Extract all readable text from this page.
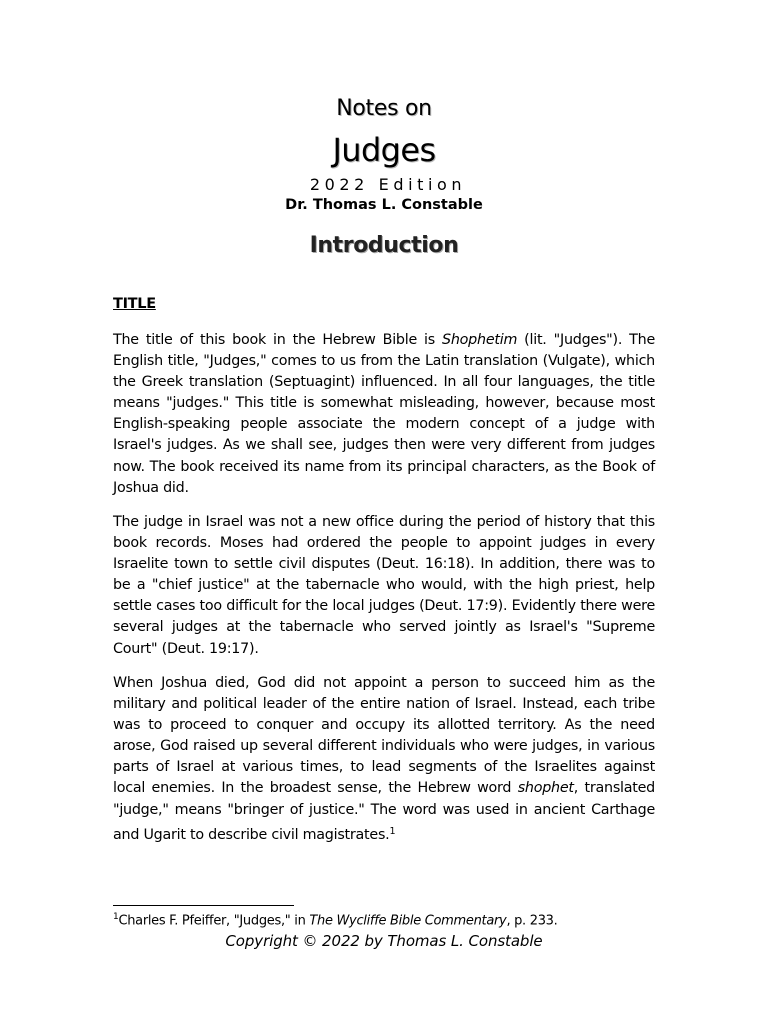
Notes on
Judges
2022 Edition
Dr. Thomas L. Constable
Introduction
TITLE

The title of this book in the Hebrew Bible is Shophetim (lit. "Judges"). The English title, "Judges," comes to us from the Latin translation (Vulgate), which the Greek translation (Septuagint) influenced. In all four languages, the title means "judges." This title is somewhat misleading, however, because most English-speaking people associate the modern concept of a judge with Israel's judges. As we shall see, judges then were very different from judges now. The book received its name from its principal characters, as the Book of Joshua did.

The judge in Israel was not a new office during the period of history that this book records. Moses had ordered the people to appoint judges in every Israelite town to settle civil disputes (Deut. 16:18). In addition, there was to be a "chief justice" at the tabernacle who would, with the high priest, help settle cases too difficult for the local judges (Deut. 17:9). Evidently there were several judges at the tabernacle who served jointly as Israel's "Supreme Court" (Deut. 19:17).

When Joshua died, God did not appoint a person to succeed him as the military and political leader of the entire nation of Israel. Instead, each tribe was to proceed to conquer and occupy its allotted territory. As the need arose, God raised up several different individuals who were judges, in various parts of Israel at various times, to lead segments of the Israelites against local enemies. In the broadest sense, the Hebrew word shophet, translated "judge," means "bringer of justice." The word was used in ancient Carthage and Ugarit to describe civil magistrates.$^1$

$^1$Charles F. Pfeiffer, "Judges," in The Wycliffe Bible Commentary, p. 233.
Copyright © 2022 by Thomas L. Constable
